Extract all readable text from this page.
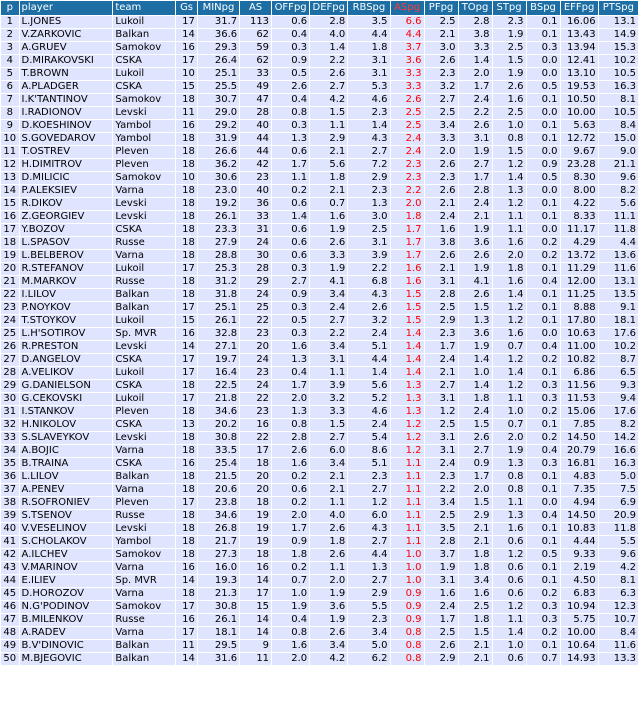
p	player	team	Gs	MINpg	AS	OFFpg	DEFpg	RBSpg	ASpg	PFpg	TOpg	STpg	BSpg	EFFpg	PTSpg
1	L.JONES	Lukoil	17	31.7	113	0.6	2.8	3.5	6.6	2.5	2.8	2.3	0.1	16.06	13.1
2	V.ZARKOVIC	Balkan	14	36.6	62	0.4	4.0	4.4	4.4	2.1	3.8	1.9	0.1	13.43	14.9
3	A.GRUEV	Samokov	16	29.3	59	0.3	1.4	1.8	3.7	3.0	3.3	2.5	0.3	13.94	15.3
4	D.MIRAKOVSKI	CSKA	17	26.4	62	0.9	2.2	3.1	3.6	2.6	1.4	1.5	0.0	12.41	10.2
5	T.BROWN	Lukoil	10	25.1	33	0.5	2.6	3.1	3.3	2.3	2.0	1.9	0.0	13.10	10.5
6	A.PLADGER	CSKA	15	25.5	49	2.6	2.7	5.3	3.3	3.2	1.7	2.6	0.5	19.53	16.3
7	I.K'TANTINOV	Samokov	18	30.7	47	0.4	4.2	4.6	2.6	2.7	2.4	1.6	0.1	10.50	8.1
8	I.RADIONOV	Levski	11	29.0	28	0.8	1.5	2.3	2.5	2.5	2.2	2.5	0.0	10.00	10.5
9	D.KOESHINOV	Yambol	16	29.2	40	0.3	1.1	1.4	2.5	3.4	2.6	1.0	0.1	5.63	8.4
10	S.GOVEDAROV	Yambol	18	31.9	44	1.3	2.9	4.3	2.4	3.3	3.1	0.8	0.1	12.72	15.0
11	T.OSTREV	Pleven	18	26.6	44	0.6	2.1	2.7	2.4	2.0	1.9	1.5	0.0	9.67	9.0
12	H.DIMITROV	Pleven	18	36.2	42	1.7	5.6	7.2	2.3	2.6	2.7	1.2	0.9	23.28	21.1
13	D.MILICIC	Samokov	10	30.6	23	1.1	1.8	2.9	2.3	2.3	1.7	1.4	0.5	8.30	9.6
14	P.ALEKSIEV	Varna	18	23.0	40	0.2	2.1	2.3	2.2	2.6	2.8	1.3	0.0	8.00	8.2
15	R.DIKOV	Levski	18	19.2	36	0.6	0.7	1.3	2.0	2.1	2.4	1.2	0.1	4.22	5.6
16	Z.GEORGIEV	Levski	18	26.1	33	1.4	1.6	3.0	1.8	2.4	2.1	1.1	0.1	8.33	11.1
17	Y.BOZOV	CSKA	18	23.3	31	0.6	1.9	2.5	1.7	1.6	1.9	1.1	0.0	11.17	11.8
18	L.SPASOV	Russe	18	27.9	24	0.6	2.6	3.1	1.7	3.8	3.6	1.6	0.2	4.29	4.4
19	L.BELBEROV	Varna	18	28.8	30	0.6	3.3	3.9	1.7	2.6	2.6	2.0	0.2	13.72	13.6
20	R.STEFANOV	Lukoil	17	25.3	28	0.3	1.9	2.2	1.6	2.1	1.9	1.8	0.1	11.29	11.6
21	M.MARKOV	Russe	18	31.2	29	2.7	4.1	6.8	1.6	3.1	4.1	1.6	0.4	12.00	13.1
22	I.LILOV	Balkan	18	31.8	24	0.9	3.4	4.3	1.5	2.8	2.6	1.4	0.1	11.25	13.5
23	P.NOYKOV	Balkan	17	25.1	25	0.3	2.4	2.6	1.5	2.5	1.5	1.2	0.1	8.88	9.1
24	T.STOYKOV	Lukoil	15	26.1	22	0.5	2.7	3.2	1.5	2.9	1.3	1.2	0.1	17.80	18.1
25	L.H'SOTIROV	Sp. MVR	16	32.8	23	0.3	2.2	2.4	1.4	2.3	3.6	1.6	0.0	10.63	17.6
26	R.PRESTON	Levski	14	27.1	20	1.6	3.4	5.1	1.4	1.7	1.9	0.7	0.4	11.00	10.2
27	D.ANGELOV	CSKA	17	19.7	24	1.3	3.1	4.4	1.4	2.4	1.4	1.2	0.2	10.82	8.7
28	A.VELIKOV	Lukoil	17	16.4	23	0.4	1.1	1.4	1.4	2.1	1.0	1.4	0.1	6.86	6.5
29	G.DANIELSON	CSKA	18	22.5	24	1.7	3.9	5.6	1.3	2.7	1.4	1.2	0.3	11.56	9.3
30	G.CEKOVSKI	Lukoil	17	21.8	22	2.0	3.2	5.2	1.3	3.1	1.8	1.1	0.3	11.53	9.4
31	I.STANKOV	Pleven	18	34.6	23	1.3	3.3	4.6	1.3	1.2	2.4	1.0	0.2	15.06	17.6
32	H.NIKOLOV	CSKA	13	20.2	16	0.8	1.5	2.4	1.2	2.5	1.5	0.7	0.1	7.85	8.2
33	S.SLAVEYKOV	Levski	18	30.8	22	2.8	2.7	5.4	1.2	3.1	2.6	2.0	0.2	14.50	14.2
34	A.BOJIC	Varna	18	33.5	17	2.6	6.0	8.6	1.2	3.1	2.7	1.9	0.4	20.79	16.6
35	B.TRAINA	CSKA	16	25.4	18	1.6	3.4	5.1	1.1	2.4	0.9	1.3	0.3	16.81	16.3
36	L.LILOV	Balkan	18	21.5	20	0.2	2.1	2.3	1.1	2.3	1.7	0.8	0.1	4.83	5.0
37	A.PENEV	Varna	18	20.6	20	0.6	2.1	2.7	1.1	2.2	2.0	0.8	0.1	7.35	7.5
38	R.SOFRONIEV	Pleven	17	23.8	18	0.2	1.1	1.2	1.1	3.4	1.5	1.1	0.0	4.94	6.9
39	S.TSENOV	Russe	18	34.6	19	2.0	4.0	6.0	1.1	2.5	2.9	1.3	0.4	14.50	20.9
40	V.VESELINOV	Levski	18	26.8	19	1.7	2.6	4.3	1.1	3.5	2.1	1.6	0.1	10.83	11.8
41	S.CHOLAKOV	Yambol	18	21.7	19	0.9	1.8	2.7	1.1	2.8	2.1	0.6	0.1	4.44	5.5
42	A.ILCHEV	Samokov	18	27.3	18	1.8	2.6	4.4	1.0	3.7	1.8	1.2	0.5	9.33	9.6
43	V.MARINOV	Varna	16	16.0	16	0.2	1.1	1.3	1.0	1.9	1.8	0.6	0.1	2.19	4.2
44	E.ILIEV	Sp. MVR	14	19.3	14	0.7	2.0	2.7	1.0	3.1	3.4	0.6	0.1	4.50	8.1
45	D.HOROZOV	Varna	18	21.3	17	1.0	1.9	2.9	0.9	1.6	1.6	0.6	0.2	6.83	6.3
46	N.G'PODINOV	Samokov	17	30.8	15	1.9	3.6	5.5	0.9	2.4	2.5	1.2	0.3	10.94	12.3
47	B.MILENKOV	Russe	16	26.1	14	0.4	1.9	2.3	0.9	1.7	1.8	1.1	0.3	5.75	10.7
48	A.RADEV	Varna	17	18.1	14	0.8	2.6	3.4	0.8	2.5	1.5	1.4	0.2	10.00	8.4
49	B.V'DINOVIC	Balkan	11	29.5	9	1.6	3.4	5.0	0.8	2.6	2.1	1.0	0.1	10.64	11.6
50	M.BJEGOVIC	Balkan	14	31.6	11	2.0	4.2	6.2	0.8	2.9	2.1	0.6	0.7	14.93	13.3
